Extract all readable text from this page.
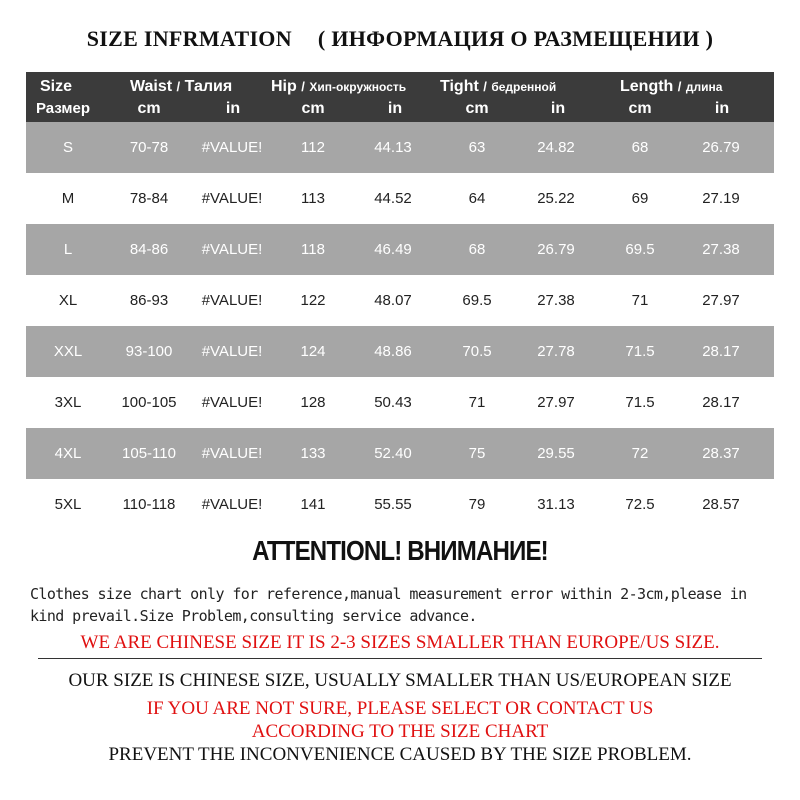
SIZE INFRMATION ( ИНФОРМАЦИЯ О РАЗМЕЩЕНИИ )
Size
Размер
Waist / Талия
cm	in
Hip / Хип-окружность
cm	in
Tight / бедренной
cm	in
Length / длина
cm	in
S	70-78	#VALUE!	112	44.13	63	24.82	68	26.79
M	78-84	#VALUE!	113	44.52	64	25.22	69	27.19
L	84-86	#VALUE!	118	46.49	68	26.79	69.5	27.38
XL	86-93	#VALUE!	122	48.07	69.5	27.38	71	27.97
XXL	93-100	#VALUE!	124	48.86	70.5	27.78	71.5	28.17
3XL	100-105	#VALUE!	128	50.43	71	27.97	71.5	28.17
4XL	105-110	#VALUE!	133	52.40	75	29.55	72	28.37
5XL	110-118	#VALUE!	141	55.55	79	31.13	72.5	28.57
ATTENTIONL! ВНИМАНИЕ!
Clothes size chart only for reference,manual measurement error within 2-3cm,please in kind prevail.Size Problem,consulting service advance.
WE ARE CHINESE SIZE IT IS 2-3 SIZES SMALLER THAN EUROPE/US SIZE.
OUR SIZE IS CHINESE SIZE, USUALLY SMALLER THAN US/EUROPEAN SIZE
IF YOU ARE NOT SURE, PLEASE SELECT OR CONTACT US
ACCORDING TO THE SIZE CHART
PREVENT THE INCONVENIENCE CAUSED BY THE SIZE PROBLEM.
